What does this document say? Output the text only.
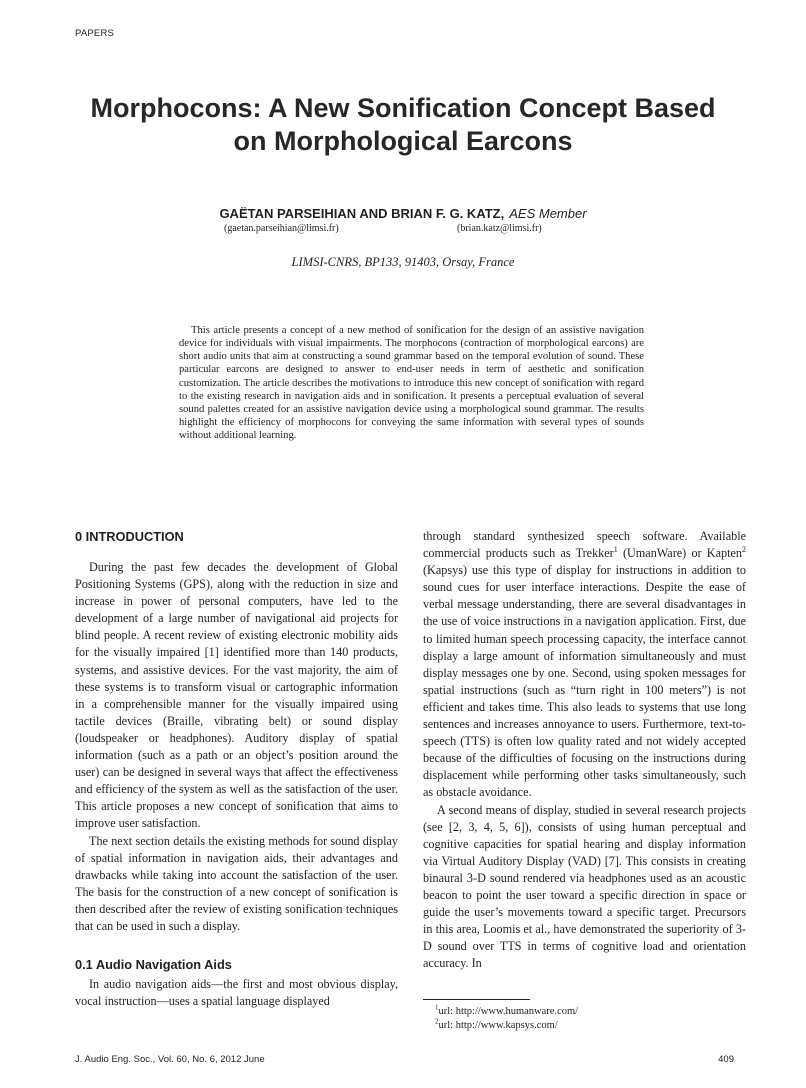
PAPERS
Morphocons: A New Sonification Concept Based
on Morphological Earcons
GAËTAN PARSEIHIAN AND BRIAN F. G. KATZ, AES Member
(gaetan.parseihian@limsi.fr)	(brian.katz@limsi.fr)
LIMSI-CNRS, BP133, 91403, Orsay, France

This article presents a concept of a new method of sonification for the design of an assistive navigation device for individuals with visual impairments. The morphocons (contraction of morphological earcons) are short audio units that aim at constructing a sound grammar based on the temporal evolution of sound. These particular earcons are designed to answer to end-user needs in term of aesthetic and sonification customization. The article describes the motivations to introduce this new concept of sonification with regard to the existing research in navigation aids and in sonification. It presents a perceptual evaluation of several sound palettes created for an assistive navigation device using a morphological sound grammar. The results highlight the efficiency of morphocons for conveying the same information with several types of sounds without additional learning.

0 INTRODUCTION

During the past few decades the development of Global Positioning Systems (GPS), along with the reduction in size and increase in power of personal computers, have led to the development of a large number of navigational aid projects for blind people. A recent review of existing electronic mobility aids for the visually impaired [1] identified more than 140 products, systems, and assistive devices. For the vast majority, the aim of these systems is to transform visual or cartographic information in a comprehensible manner for the visually impaired using tactile devices (Braille, vibrating belt) or sound display (loudspeaker or headphones). Auditory display of spatial information (such as a path or an object’s position around the user) can be designed in several ways that affect the effectiveness and efficiency of the system as well as the satisfaction of the user. This article proposes a new concept of sonification that aims to improve user satisfaction.

The next section details the existing methods for sound display of spatial information in navigation aids, their advantages and drawbacks while taking into account the satisfaction of the user. The basis for the construction of a new concept of sonification is then described after the review of existing sonification techniques that can be used in such a display.

0.1 Audio Navigation Aids

In audio navigation aids—the first and most obvious display, vocal instruction—uses a spatial language displayed

through standard synthesized speech software. Available commercial products such as Trekker$^1$ (UmanWare) or Kapten$^2$ (Kapsys) use this type of display for instructions in addition to sound cues for user interface interactions. Despite the ease of verbal message understanding, there are several disadvantages in the use of voice instructions in a navigation application. First, due to limited human speech processing capacity, the interface cannot display a large amount of information simultaneously and must display messages one by one. Second, using spoken messages for spatial instructions (such as “turn right in 100 meters”) is not efficient and takes time. This also leads to systems that use long sentences and increases annoyance to users. Furthermore, text-to-speech (TTS) is often low quality rated and not widely accepted because of the difficulties of focusing on the instructions during displacement while performing other tasks simultaneously, such as obstacle avoidance.

A second means of display, studied in several research projects (see [2, 3, 4, 5, 6]), consists of using human perceptual and cognitive capacities for spatial hearing and display information via Virtual Auditory Display (VAD) [7]. This consists in creating binaural 3-D sound rendered via headphones used as an acoustic beacon to point the user toward a specific direction in space or guide the user’s movements toward a specific target. Precursors in this area, Loomis et al., have demonstrated the superiority of 3-D sound over TTS in terms of cognitive load and orientation accuracy. In

$^1$url: http://www.humanware.com/
$^2$url: http://www.kapsys.com/
J. Audio Eng. Soc., Vol. 60, No. 6, 2012 June	409
